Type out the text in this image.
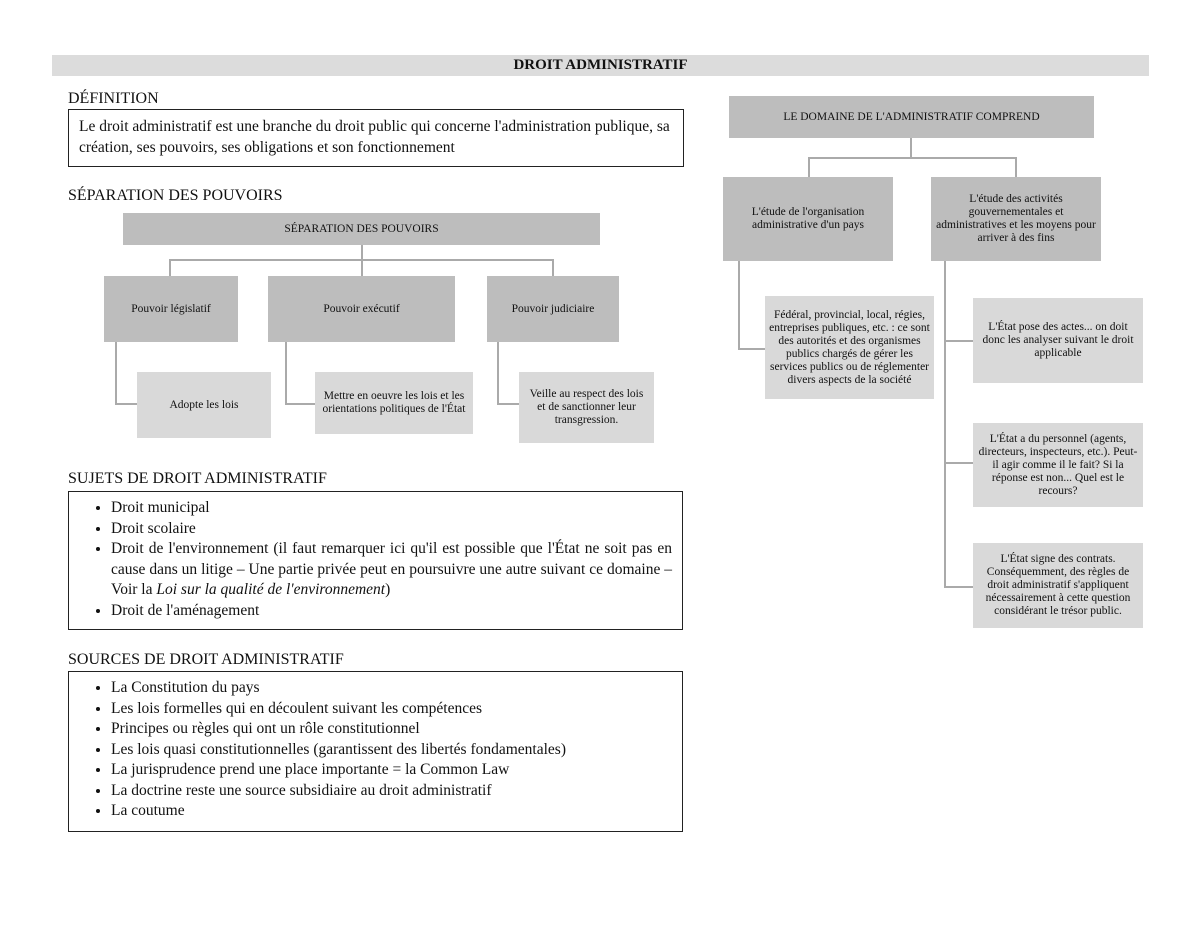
DROIT ADMINISTRATIF
DÉFINITION
Le droit administratif est une branche du droit public qui concerne l'administration publique, sa création, ses pouvoirs, ses obligations et son fonctionnement
SÉPARATION DES POUVOIRS
SÉPARATION DES POUVOIRS
Pouvoir législatif	Pouvoir exécutif	Pouvoir judiciaire
Adopte les lois
Mettre en oeuvre les lois et les orientations politiques de l'État
Veille au respect des lois et de sanctionner leur transgression.
SUJETS DE DROIT ADMINISTRATIF
• Droit municipal
• Droit scolaire
• Droit de l'environnement (il faut remarquer ici qu'il est possible que l'État ne soit pas en cause dans un litige – Une partie privée peut en poursuivre une autre suivant ce domaine – Voir la Loi sur la qualité de l'environnement)
• Droit de l'aménagement
SOURCES DE DROIT ADMINISTRATIF
• La Constitution du pays
• Les lois formelles qui en découlent suivant les compétences
• Principes ou règles qui ont un rôle constitutionnel
• Les lois quasi constitutionnelles (garantissent des libertés fondamentales)
• La jurisprudence prend une place importante = la Common Law
• La doctrine reste une source subsidiaire au droit administratif
• La coutume
LE DOMAINE DE L'ADMINISTRATIF COMPREND
L'étude de l'organisation administrative d'un pays
L'étude des activités gouvernementales et administratives et les moyens pour arriver à des fins
Fédéral, provincial, local, régies, entreprises publiques, etc. : ce sont des autorités et des organismes publics chargés de gérer les services publics ou de réglementer divers aspects de la société
L'État pose des actes... on doit donc les analyser suivant le droit applicable
L'État a du personnel (agents, directeurs, inspecteurs, etc.). Peut-il agir comme il le fait? Si la réponse est non... Quel est le recours?
L'État signe des contrats. Conséquemment, des règles de droit administratif s'appliquent nécessairement à cette question considérant le trésor public.
